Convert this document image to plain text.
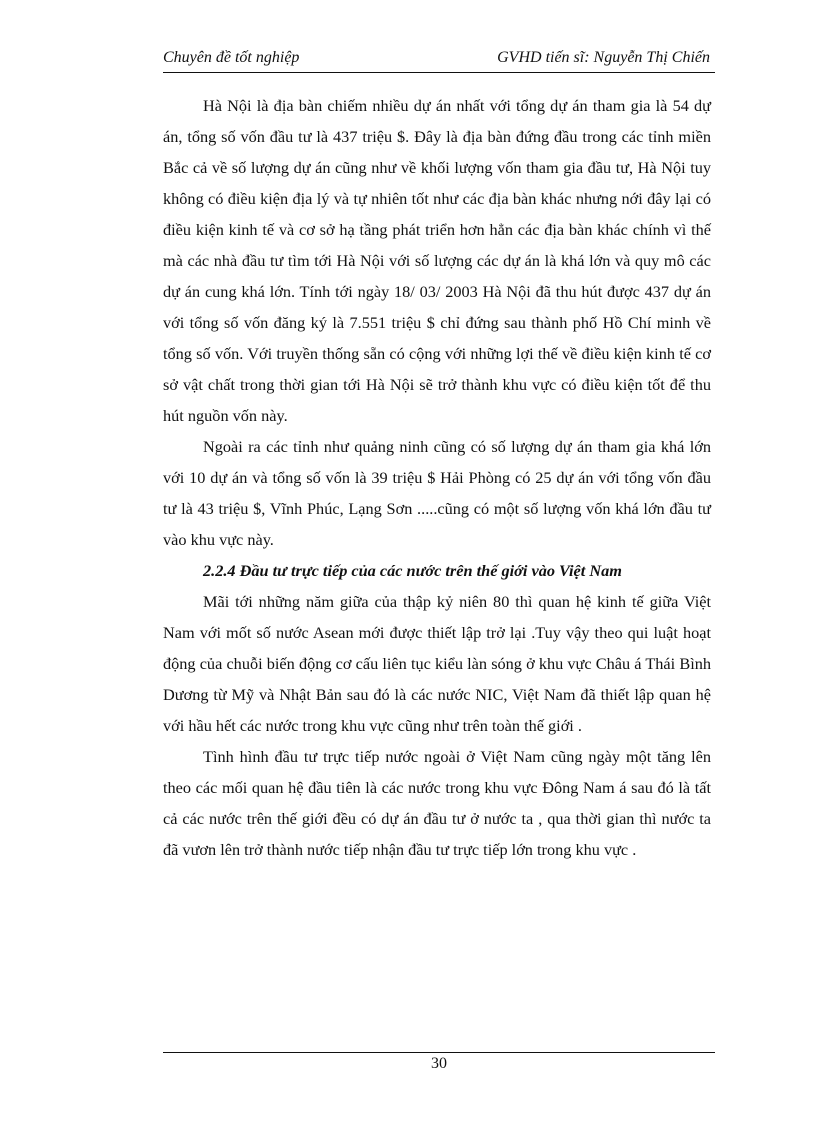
Chuyên đề tốt nghiệp	GVHD tiến sĩ: Nguyễn Thị Chiến

Hà Nội là địa bàn chiếm nhiều dự án nhất với tổng dự án tham gia là 54 dự án, tổng số vốn đầu tư là 437 triệu $. Đây là địa bàn đứng đầu trong các tỉnh miền Bắc cả về số lượng dự án cũng như về khối lượng vốn tham gia đầu tư, Hà Nội tuy không có điều kiện địa lý và tự nhiên tốt như các địa bàn khác nhưng nới đây lại có điều kiện kinh tế và cơ sở hạ tầng phát triển hơn hẳn các địa bàn khác chính vì thế mà các nhà đầu tư tìm tới Hà Nội với số lượng các dự án là khá lớn và quy mô các dự án cung khá lớn. Tính tới ngày 18/ 03/ 2003 Hà Nội đã thu hút được 437 dự án với tổng số vốn đăng ký là 7.551 triệu $ chỉ đứng sau thành phố Hồ Chí minh về tổng số vốn. Với truyền thống sẵn có cộng với những lợi thế về điều kiện kinh tế cơ sở vật chất trong thời gian tới Hà Nội sẽ trở thành khu vực có điều kiện tốt để thu hút nguồn vốn này.

Ngoài ra các tỉnh như quảng ninh cũng có số lượng dự án tham gia khá lớn với 10 dự án và tổng số vốn là 39 triệu $ Hải Phòng có 25 dự án với tổng vốn đầu tư là 43 triệu $, Vĩnh Phúc, Lạng Sơn .....cũng có một số lượng vốn khá lớn đầu tư vào khu vực này.

2.2.4 Đầu tư trực tiếp của các nước trên thế giới vào Việt Nam

Mãi tới những năm giữa của thập kỷ niên 80 thì quan hệ kinh tế giữa Việt Nam với mốt số nước Asean mới được thiết lập trở lại .Tuy vậy theo qui luật hoạt động của chuỗi biến động cơ cấu liên tục kiểu làn sóng ở khu vực Châu á Thái Bình Dương từ Mỹ và Nhật Bản sau đó là các nước NIC, Việt Nam đã thiết lập quan hệ với hầu hết các nước trong khu vực cũng như trên toàn thế giới .

Tình hình đầu tư trực tiếp nước ngoài ở Việt Nam cũng ngày một tăng lên theo các mối quan hệ đầu tiên là các nước trong khu vực Đông Nam á sau đó là tất cả các nước trên thế giới đều có dự án đầu tư ở nước ta , qua thời gian thì nước ta đã vươn lên trở thành nước tiếp nhận đầu tư trực tiếp lớn trong khu vực .

30
